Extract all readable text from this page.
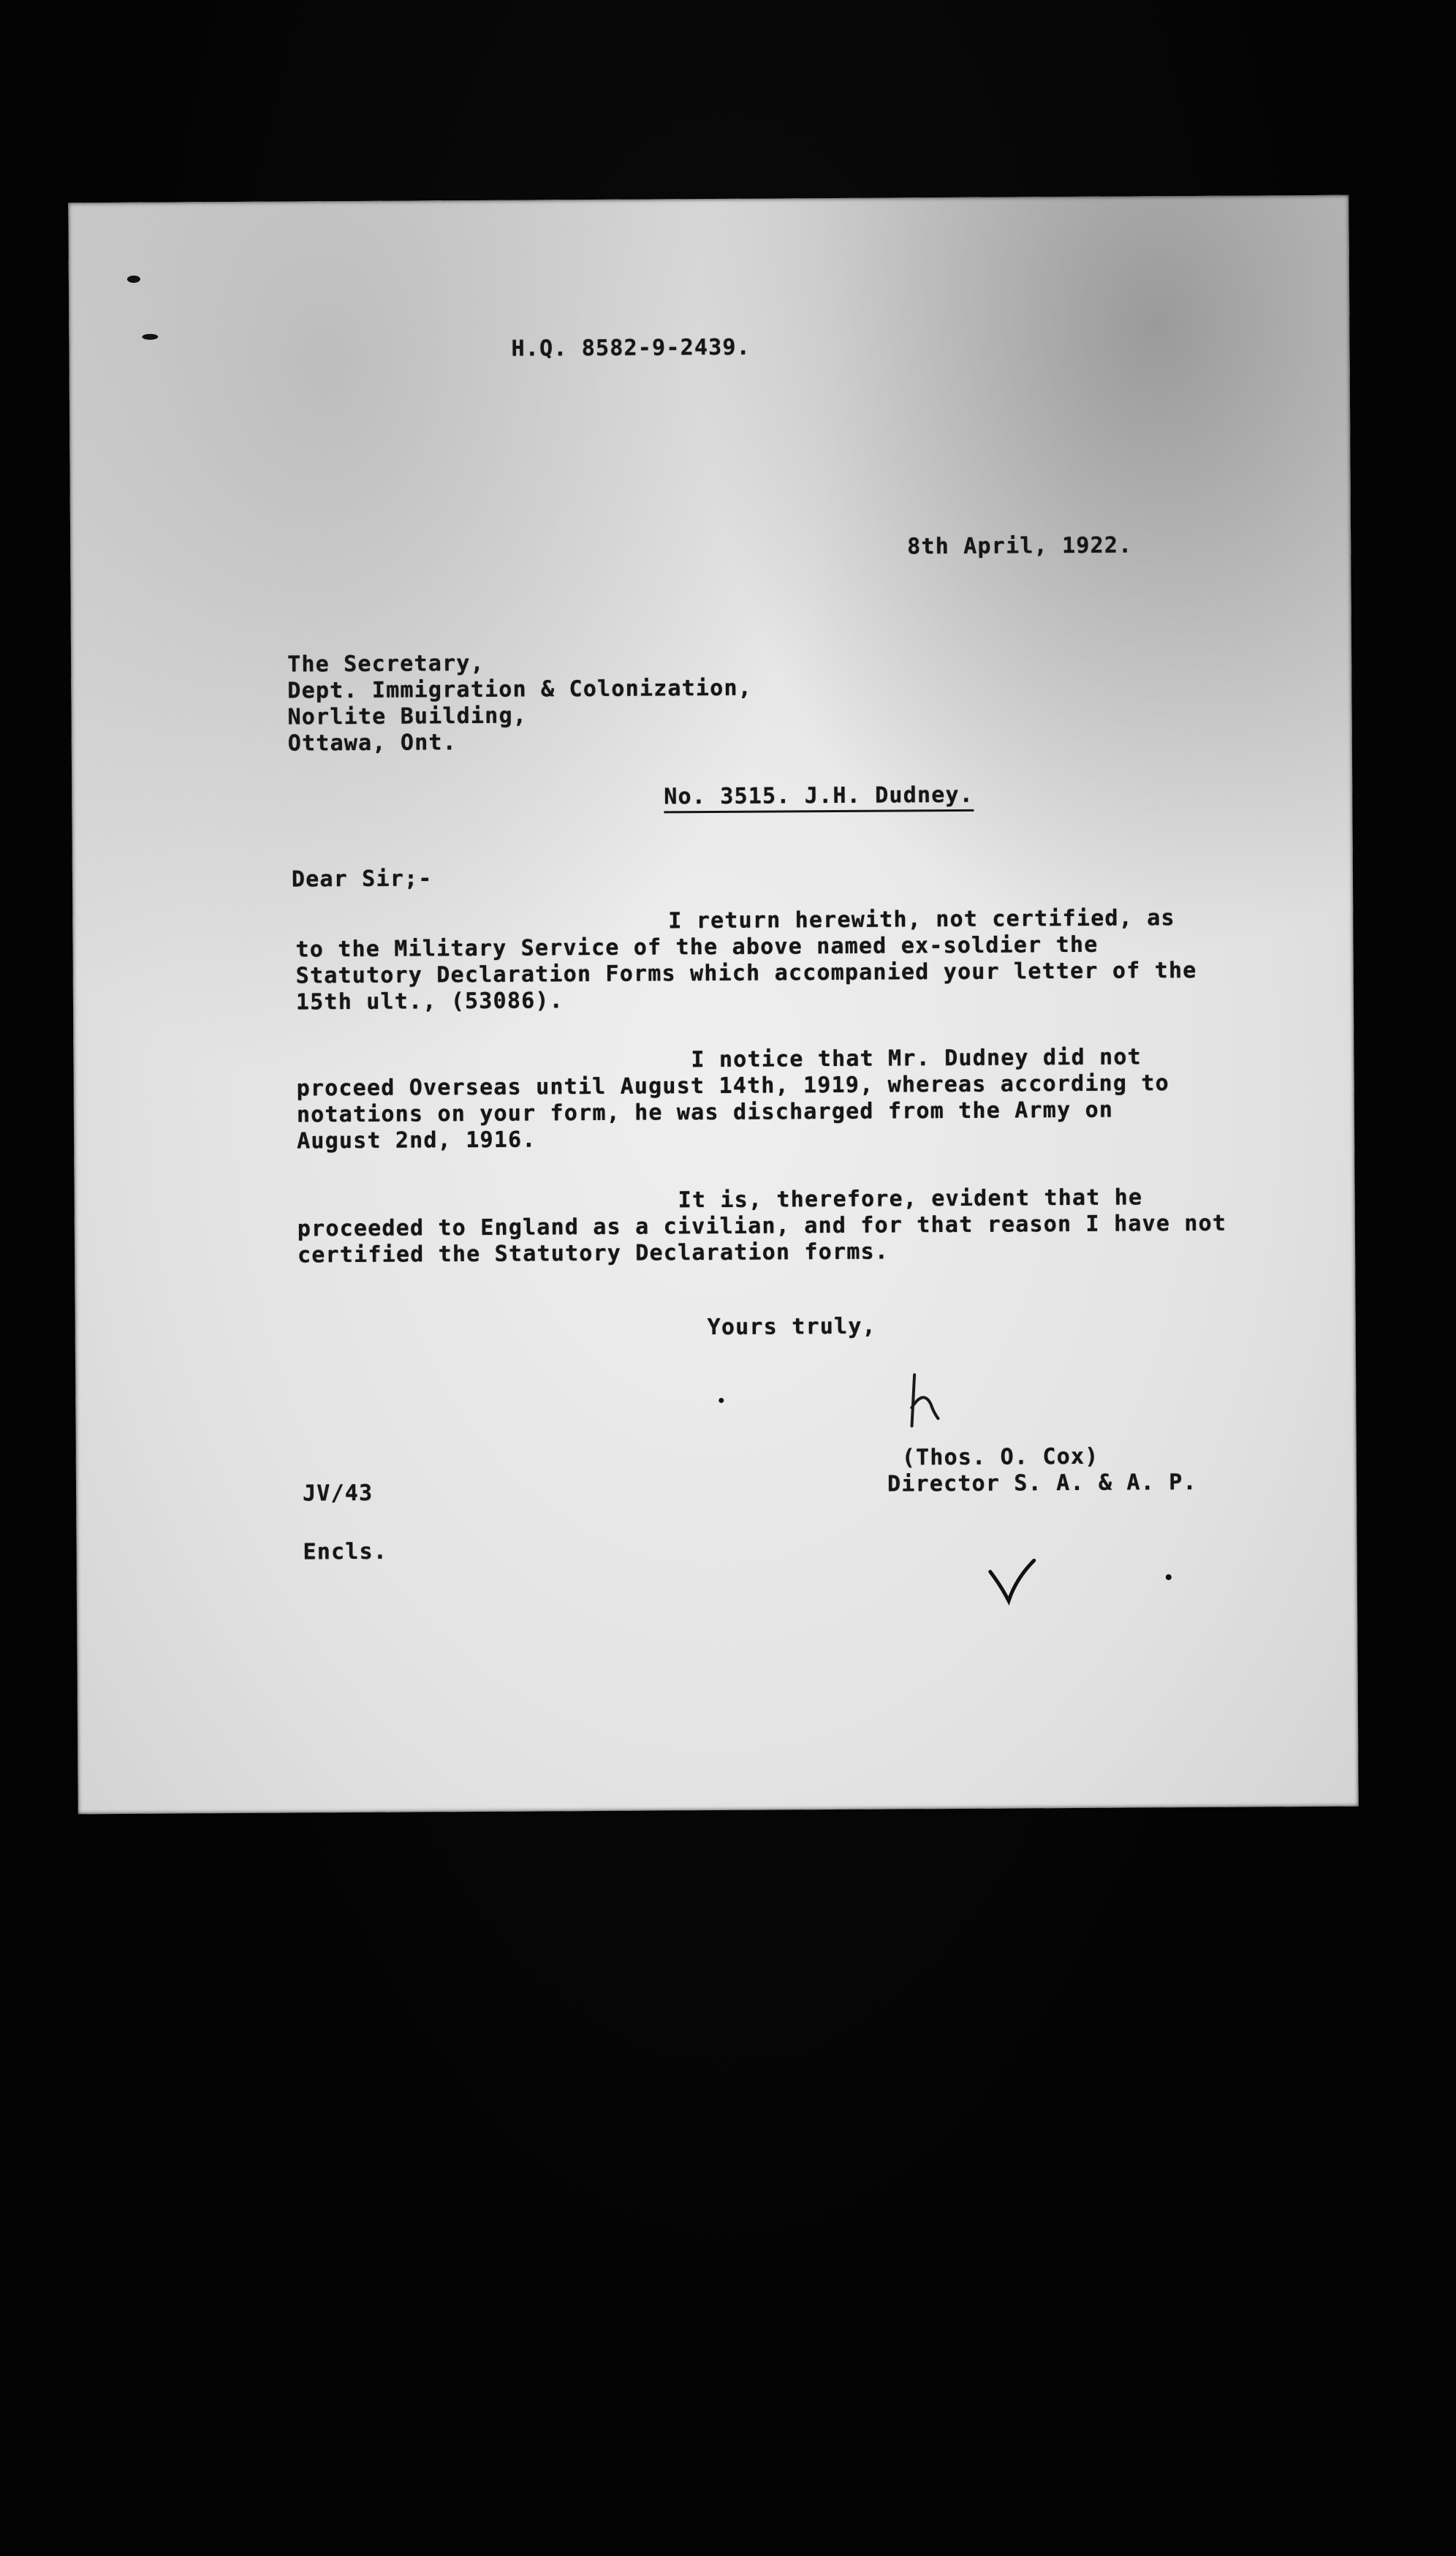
H.Q. 8582-9-2439.
8th April, 1922.
The Secretary,
Dept. Immigration & Colonization,
Norlite Building,
Ottawa, Ont.
No. 3515. J.H. Dudney.
Dear Sir;-
I return herewith, not certified, as
to the Military Service of the above named ex-soldier the
Statutory Declaration Forms which accompanied your letter of the
15th ult., (53086).
I notice that Mr. Dudney did not
proceed Overseas until August 14th, 1919, whereas according to
notations on your form, he was discharged from the Army on
August 2nd, 1916.
It is, therefore, evident that he
proceeded to England as a civilian, and for that reason I have not
certified the Statutory Declaration forms.
Yours truly,
(Thos. O. Cox)
Director S. A. & A. P.
JV/43
Encls.
